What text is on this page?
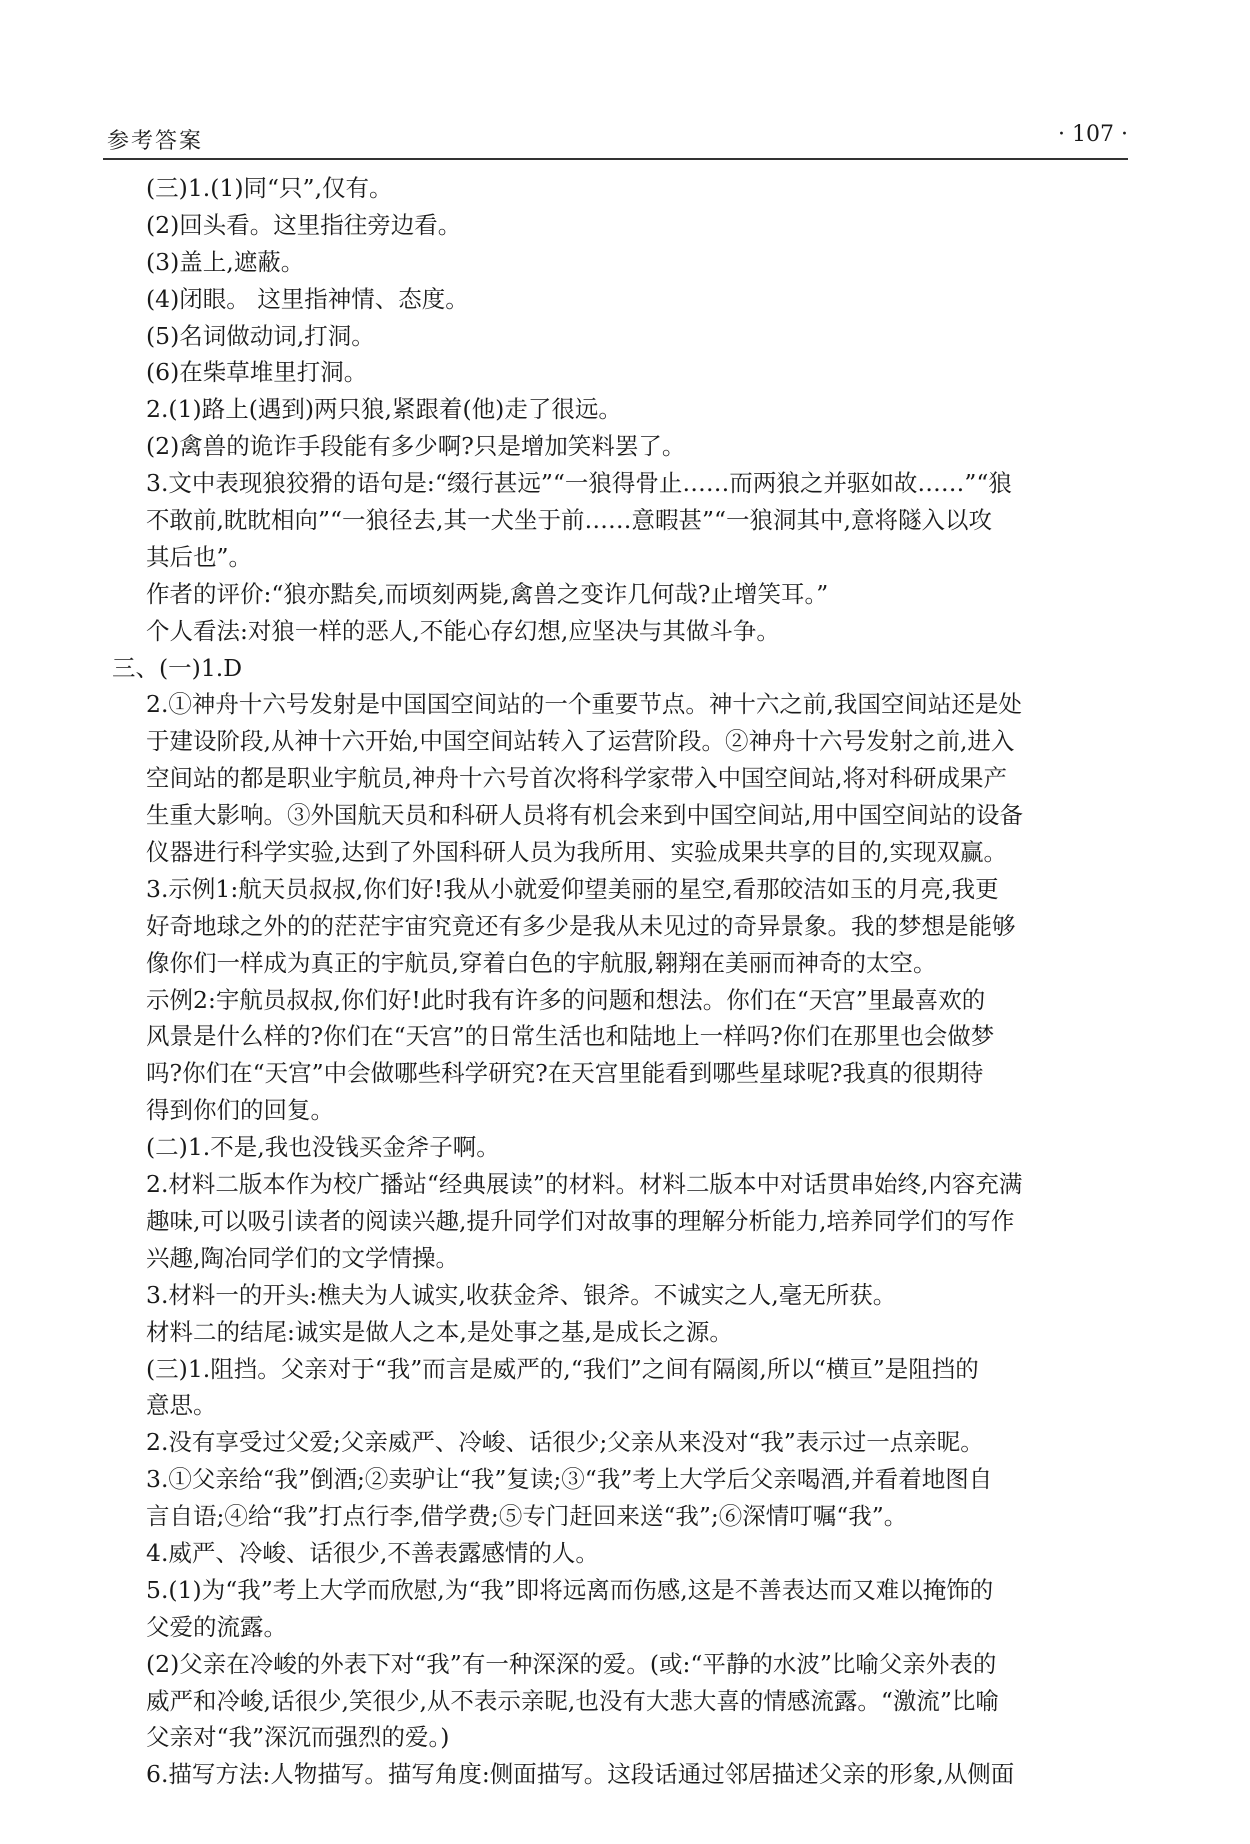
参考答案	· 107 ·
(三)1.(1)同“只”,仅有。
(2)回头看。这里指往旁边看。
(3)盖上,遮蔽。
(4)闭眼。 这里指神情、态度。
(5)名词做动词,打洞。
(6)在柴草堆里打洞。
2.(1)路上(遇到)两只狼,紧跟着(他)走了很远。
(2)禽兽的诡诈手段能有多少啊?只是增加笑料罢了。
3.文中表现狼狡猾的语句是:“缀行甚远”“一狼得骨止……而两狼之并驱如故……”“狼
不敢前,眈眈相向”“一狼径去,其一犬坐于前……意暇甚”“一狼洞其中,意将隧入以攻
其后也”。
作者的评价:“狼亦黠矣,而顷刻两毙,禽兽之变诈几何哉?止增笑耳。”
个人看法:对狼一样的恶人,不能心存幻想,应坚决与其做斗争。
三、(一)1.D
2.①神舟十六号发射是中国国空间站的一个重要节点。神十六之前,我国空间站还是处
于建设阶段,从神十六开始,中国空间站转入了运营阶段。②神舟十六号发射之前,进入
空间站的都是职业宇航员,神舟十六号首次将科学家带入中国空间站,将对科研成果产
生重大影响。③外国航天员和科研人员将有机会来到中国空间站,用中国空间站的设备
仪器进行科学实验,达到了外国科研人员为我所用、实验成果共享的目的,实现双赢。
3.示例1:航天员叔叔,你们好!我从小就爱仰望美丽的星空,看那皎洁如玉的月亮,我更
好奇地球之外的的茫茫宇宙究竟还有多少是我从未见过的奇异景象。我的梦想是能够
像你们一样成为真正的宇航员,穿着白色的宇航服,翱翔在美丽而神奇的太空。
示例2:宇航员叔叔,你们好!此时我有许多的问题和想法。你们在“天宫”里最喜欢的
风景是什么样的?你们在“天宫”的日常生活也和陆地上一样吗?你们在那里也会做梦
吗?你们在“天宫”中会做哪些科学研究?在天宫里能看到哪些星球呢?我真的很期待
得到你们的回复。
(二)1.不是,我也没钱买金斧子啊。
2.材料二版本作为校广播站“经典展读”的材料。材料二版本中对话贯串始终,内容充满
趣味,可以吸引读者的阅读兴趣,提升同学们对故事的理解分析能力,培养同学们的写作
兴趣,陶冶同学们的文学情操。
3.材料一的开头:樵夫为人诚实,收获金斧、银斧。不诚实之人,毫无所获。
材料二的结尾:诚实是做人之本,是处事之基,是成长之源。
(三)1.阻挡。父亲对于“我”而言是威严的,“我们”之间有隔阂,所以“横亘”是阻挡的
意思。
2.没有享受过父爱;父亲威严、冷峻、话很少;父亲从来没对“我”表示过一点亲昵。
3.①父亲给“我”倒酒;②卖驴让“我”复读;③“我”考上大学后父亲喝酒,并看着地图自
言自语;④给“我”打点行李,借学费;⑤专门赶回来送“我”;⑥深情叮嘱“我”。
4.威严、冷峻、话很少,不善表露感情的人。
5.(1)为“我”考上大学而欣慰,为“我”即将远离而伤感,这是不善表达而又难以掩饰的
父爱的流露。
(2)父亲在冷峻的外表下对“我”有一种深深的爱。(或:“平静的水波”比喻父亲外表的
威严和冷峻,话很少,笑很少,从不表示亲昵,也没有大悲大喜的情感流露。“激流”比喻
父亲对“我”深沉而强烈的爱。)
6.描写方法:人物描写。描写角度:侧面描写。这段话通过邻居描述父亲的形象,从侧面
